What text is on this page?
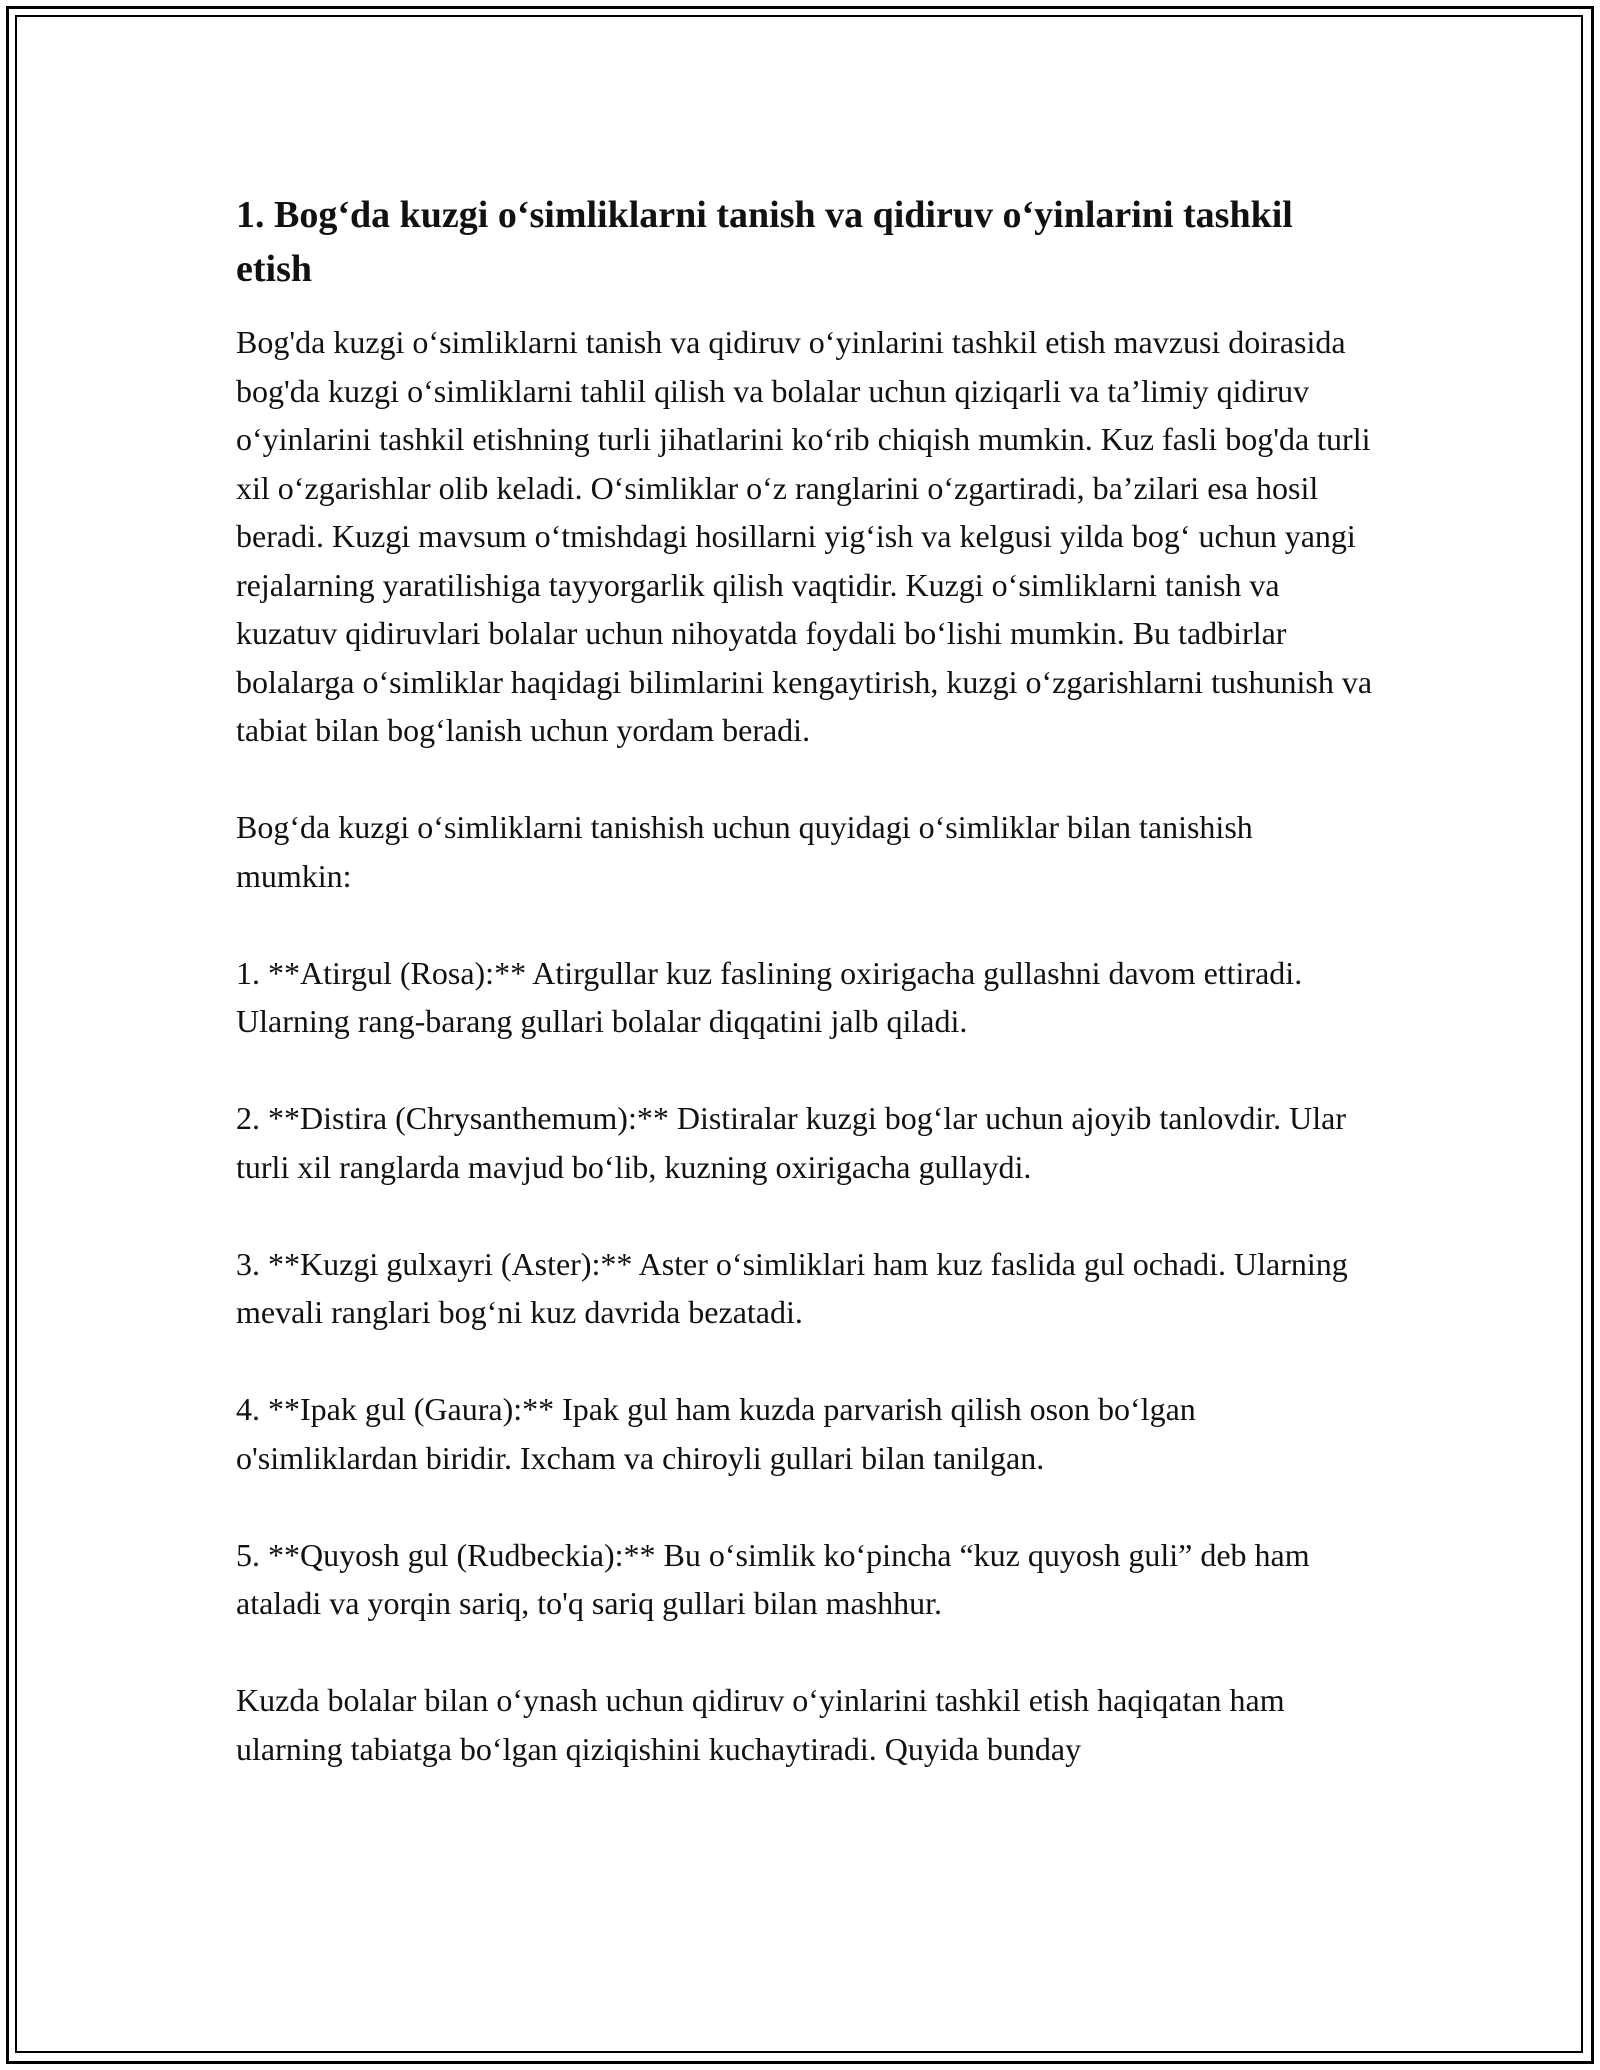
1. Bog‘da kuzgi o‘simliklarni tanish va qidiruv o‘yinlarini tashkil etish

Bog'da kuzgi o‘simliklarni tanish va qidiruv o‘yinlarini tashkil etish mavzusi doirasida bog'da kuzgi o‘simliklarni tahlil qilish va bolalar uchun qiziqarli va ta’limiy qidiruv o‘yinlarini tashkil etishning turli jihatlarini ko‘rib chiqish mumkin. Kuz fasli bog'da turli xil o‘zgarishlar olib keladi. O‘simliklar o‘z ranglarini o‘zgartiradi, ba’zilari esa hosil beradi. Kuzgi mavsum o‘tmishdagi hosillarni yig‘ish va kelgusi yilda bog‘ uchun yangi rejalarning yaratilishiga tayyorgarlik qilish vaqtidir. Kuzgi o‘simliklarni tanish va kuzatuv qidiruvlari bolalar uchun nihoyatda foydali bo‘lishi mumkin. Bu tadbirlar bolalarga o‘simliklar haqidagi bilimlarini kengaytirish, kuzgi o‘zgarishlarni tushunish va tabiat bilan bog‘lanish uchun yordam beradi.

Bog‘da kuzgi o‘simliklarni tanishish uchun quyidagi o‘simliklar bilan tanishish mumkin:

1. **Atirgul (Rosa):** Atirgullar kuz faslining oxirigacha gullashni davom ettiradi. Ularning rang-barang gullari bolalar diqqatini jalb qiladi.

2. **Distira (Chrysanthemum):** Distiralar kuzgi bog‘lar uchun ajoyib tanlovdir. Ular turli xil ranglarda mavjud bo‘lib, kuzning oxirigacha gullaydi.

3. **Kuzgi gulxayri (Aster):** Aster o‘simliklari ham kuz faslida gul ochadi. Ularning mevali ranglari bog‘ni kuz davrida bezatadi.

4. **Ipak gul (Gaura):** Ipak gul ham kuzda parvarish qilish oson bo‘lgan o'simliklardan biridir. Ixcham va chiroyli gullari bilan tanilgan.

5. **Quyosh gul (Rudbeckia):** Bu o‘simlik ko‘pincha “kuz quyosh guli” deb ham ataladi va yorqin sariq, to'q sariq gullari bilan mashhur.

Kuzda bolalar bilan o‘ynash uchun qidiruv o‘yinlarini tashkil etish haqiqatan ham ularning tabiatga bo‘lgan qiziqishini kuchaytiradi. Quyida bunday
